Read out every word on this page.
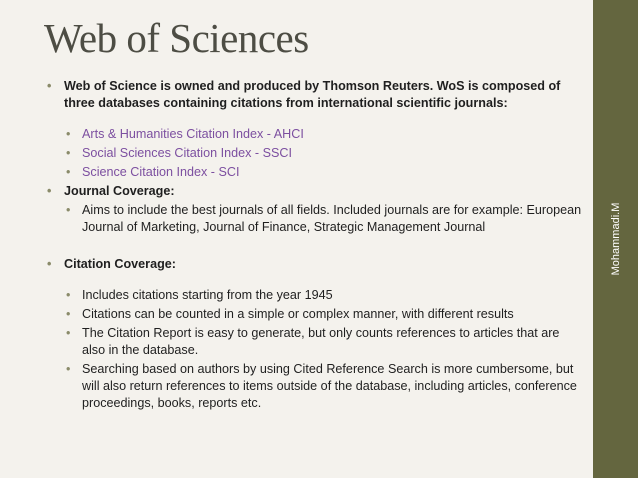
Web of Sciences
• Web of Science is owned and produced by Thomson Reuters. WoS is composed of three databases containing citations from international scientific journals:
• Arts & Humanities Citation Index - AHCI
• Social Sciences Citation Index - SSCI
• Science Citation Index - SCI
• Journal Coverage:
• Aims to include the best journals of all fields. Included journals are for example: European Journal of Marketing, Journal of Finance, Strategic Management Journal
• Citation Coverage:
• Includes citations starting from the year 1945
• Citations can be counted in a simple or complex manner, with different results
• The Citation Report is easy to generate, but only counts references to articles that are also in the database.
• Searching based on authors by using Cited Reference Search is more cumbersome, but will also return references to items outside of the database, including articles, conference proceedings, books, reports etc.
Mohammadi.M
